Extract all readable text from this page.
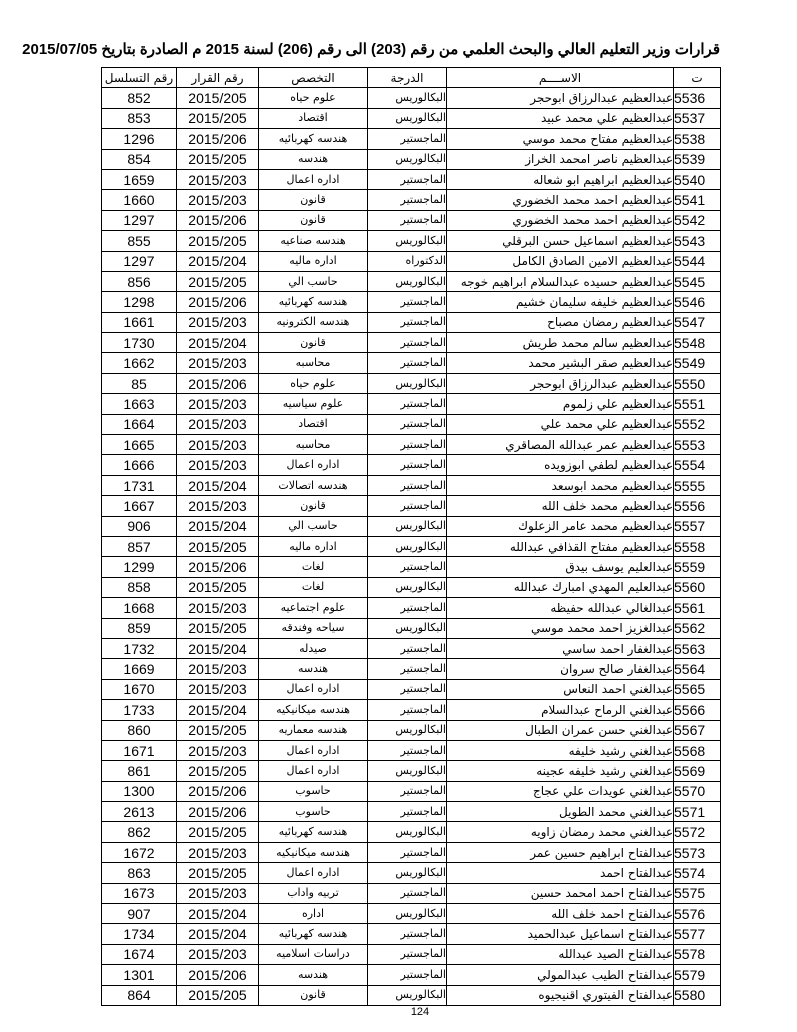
قرارات وزير التعليم العالي والبحث العلمي من رقم (203) الى رقم (206) لسنة 2015 م الصادرة بتاريخ 2015/07/05
ت	الاســــم	الدرجة	التخصص	رقم القرار	رقم التسلسل
5536	عبدالعظيم عبدالرزاق ابوحجر	البكالوريس	علوم حياه	2015/205	852
5537	عبدالعظيم علي محمد عبيد	البكالوريس	اقتصاد	2015/205	853
5538	عبدالعظيم مفتاح محمد موسي	الماجستير	هندسه كهربائيه	2015/206	1296
5539	عبدالعظيم ناصر امحمد الخراز	البكالوريس	هندسه	2015/205	854
5540	عبدالعظيم ابراهيم ابو شعاله	الماجستير	اداره اعمال	2015/203	1659
5541	عبدالعظيم احمد محمد الخضوري	الماجستير	قانون	2015/203	1660
5542	عبدالعظيم احمد محمد الخضوري	الماجستير	قانون	2015/206	1297
5543	عبدالعظيم اسماعيل حسن البرقلي	البكالوريس	هندسه صناعيه	2015/205	855
5544	عبدالعظيم الامين الصادق الكامل	الدكتوراه	اداره ماليه	2015/204	1297
5545	عبدالعظيم حسيده عبدالسلام ابراهيم خوجه	البكالوريس	حاسب الي	2015/205	856
5546	عبدالعظيم خليفه سليمان خشيم	الماجستير	هندسه كهربائيه	2015/206	1298
5547	عبدالعظيم رمضان مصباح	الماجستير	هندسه الكترونيه	2015/203	1661
5548	عبدالعظيم سالم محمد طريش	الماجستير	قانون	2015/204	1730
5549	عبدالعظيم صقر البشير محمد	الماجستير	محاسبه	2015/203	1662
5550	عبدالعظيم عبدالرزاق ابوحجر	البكالوريس	علوم حياه	2015/206	85
5551	عبدالعظيم علي زلموم	الماجستير	علوم سياسيه	2015/203	1663
5552	عبدالعظيم علي محمد علي	الماجستير	اقتصاد	2015/203	1664
5553	عبدالعظيم عمر عبدالله المصاقري	الماجستير	محاسبه	2015/203	1665
5554	عبدالعظيم لطفي ابوزويده	الماجستير	اداره اعمال	2015/203	1666
5555	عبدالعظيم محمد ابوسعد	الماجستير	هندسه اتصالات	2015/204	1731
5556	عبدالعظيم محمد خلف الله	الماجستير	قانون	2015/203	1667
5557	عبدالعظيم محمد عامر الزعلوك	البكالوريس	حاسب الي	2015/204	906
5558	عبدالعظيم مفتاح القذافي عبدالله	البكالوريس	اداره ماليه	2015/205	857
5559	عبدالعليم يوسف بيدق	الماجستير	لغات	2015/206	1299
5560	عبدالعليم المهدي امبارك عبدالله	البكالوريس	لغات	2015/205	858
5561	عبدالغالي عبدالله حفيظه	الماجستير	علوم اجتماعيه	2015/203	1668
5562	عبدالغزيز احمد محمد موسي	البكالوريس	سياحه وفندقه	2015/205	859
5563	عبدالغفار احمد ساسي	الماجستير	صيدله	2015/204	1732
5564	عبدالغفار صالح سروان	الماجستير	هندسه	2015/203	1669
5565	عبدالغني احمد النعاس	الماجستير	اداره اعمال	2015/203	1670
5566	عبدالغني الرماح عبدالسلام	الماجستير	هندسه ميكانيكيه	2015/204	1733
5567	عبدالغني حسن عمران الطبال	البكالوريس	هندسه معماريه	2015/205	860
5568	عبدالغني رشيد خليفه	الماجستير	اداره اعمال	2015/203	1671
5569	عبدالغني رشيد خليفه عجينه	البكالوريس	اداره اعمال	2015/205	861
5570	عبدالغني عويدات علي عجاج	الماجستير	حاسوب	2015/206	1300
5571	عبدالغني محمد الطويل	الماجستير	حاسوب	2015/206	2613
5572	عبدالغني محمد رمضان زاويه	البكالوريس	هندسه كهربائيه	2015/205	862
5573	عبدالفتاح ابراهيم حسين عمر	الماجستير	هندسه ميكانيكيه	2015/203	1672
5574	عبدالفتاح احمد	البكالوريس	اداره اعمال	2015/205	863
5575	عبدالفتاح احمد امحمد حسين	الماجستير	تربيه واداب	2015/203	1673
5576	عبدالفتاح احمد خلف الله	البكالوريس	اداره	2015/204	907
5577	عبدالفتاح اسماعيل عبدالحميد	الماجستير	هندسه كهربائيه	2015/204	1734
5578	عبدالفتاح الصيد عبدالله	الماجستير	دراسات اسلاميه	2015/203	1674
5579	عبدالفتاح الطيب عبدالمولي	الماجستير	هندسه	2015/206	1301
5580	عبدالفتاح الفيتوري اقنيجيوه	البكالوريس	قانون	2015/205	864
124
